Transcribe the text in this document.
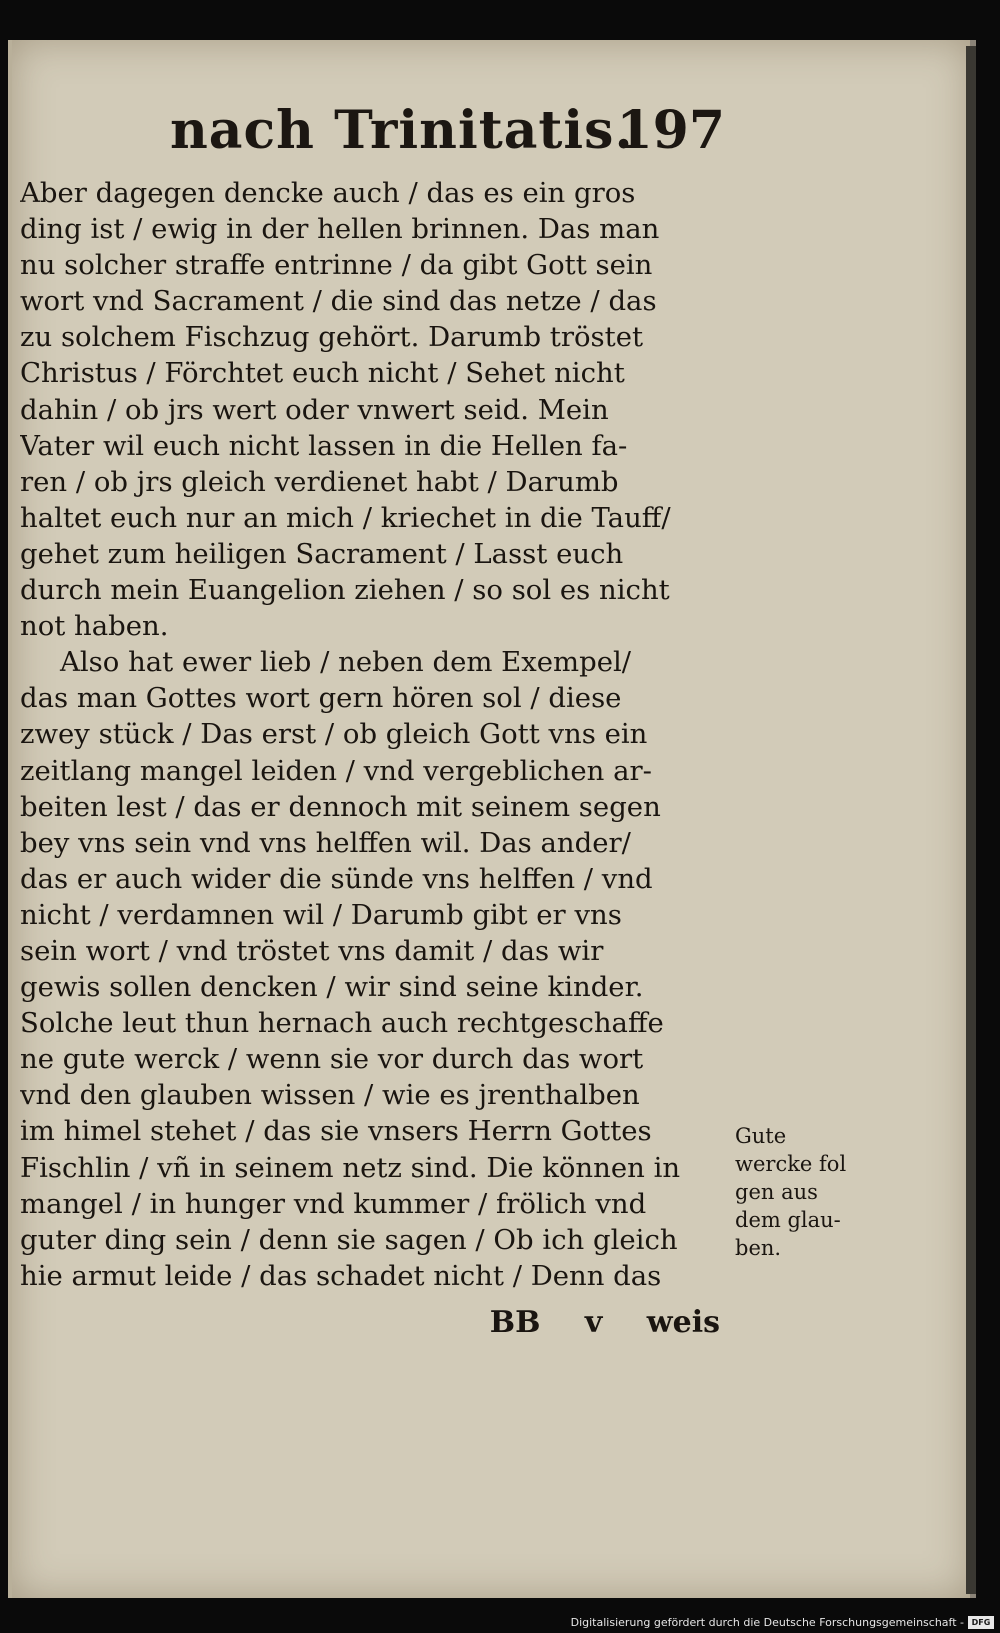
nach Trinitatis.
197
Aber dagegen dencke auch / das es ein gros
ding ist / ewig in der hellen brinnen. Das man
nu solcher straffe entrinne / da gibt Gott sein
wort vnd Sacrament / die sind das netze / das
zu solchem Fischzug gehört. Darumb tröstet
Christus / Förchtet euch nicht / Sehet nicht
dahin / ob jrs wert oder vnwert seid. Mein
Vater wil euch nicht lassen in die Hellen fa-
ren / ob jrs gleich verdienet habt / Darumb
haltet euch nur an mich / kriechet in die Tauff/
gehet zum heiligen Sacrament / Lasst euch
durch mein Euangelion ziehen / so sol es nicht
not haben.
Also hat ewer lieb / neben dem Exempel/
das man Gottes wort gern hören sol / diese
zwey stück / Das erst / ob gleich Gott vns ein
zeitlang mangel leiden / vnd vergeblichen ar-
beiten lest / das er dennoch mit seinem segen
bey vns sein vnd vns helffen wil. Das ander/
das er auch wider die sünde vns helffen / vnd
nicht / verdamnen wil / Darumb gibt er vns
sein wort / vnd tröstet vns damit / das wir
gewis sollen dencken / wir sind seine kinder.
Solche leut thun hernach auch rechtgeschaffe
ne gute werck / wenn sie vor durch das wort
vnd den glauben wissen / wie es jrenthalben
im himel stehet / das sie vnsers Herrn Gottes
Fischlin / vñ in seinem netz sind. Die können in
mangel / in hunger vnd kummer / frölich vnd
guter ding sein / denn sie sagen / Ob ich gleich
hie armut leide / das schadet nicht / Denn das
Gute
wercke fol
gen aus
dem glau-
ben.
BB v weis
Digitalisierung gefördert durch die Deutsche Forschungsgemeinschaft - DFG
